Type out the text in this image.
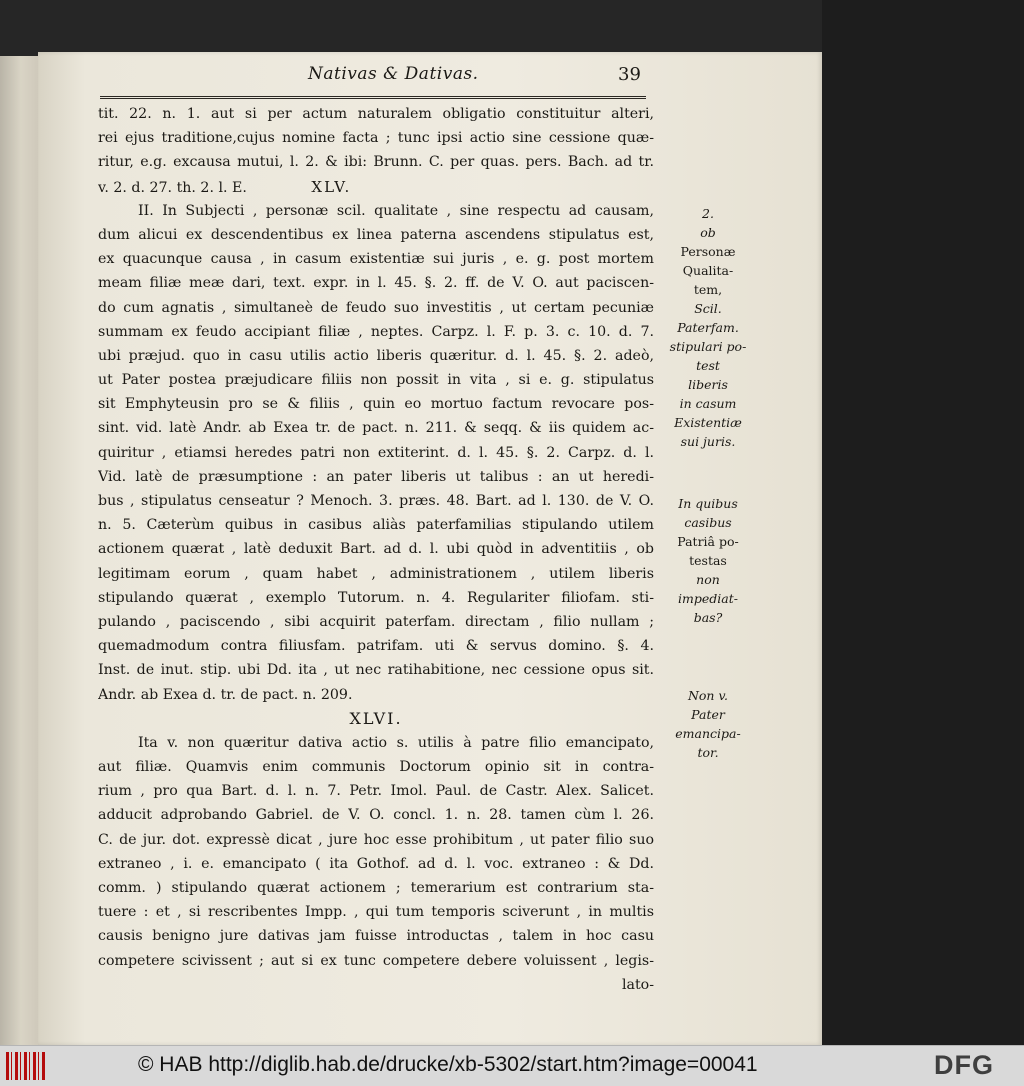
Nativas & Dativas.	39
tit. 22. n. 1. aut si per actum naturalem obligatio constituitur alteri,
rei ejus traditione,cujus nomine facta ; tunc ipsi actio sine cessione quæ-
ritur, e.g. excausa mutui, l. 2. & ibi: Brunn. C. per quas. pers. Bach. ad tr.
v. 2. d. 27. th. 2. l. E.	XLV.
II. In Subjecti , personæ scil. qualitate , sine respectu ad causam,
dum alicui ex descendentibus ex linea paterna ascendens stipulatus est,
ex quacunque causa , in casum existentiæ sui juris , e. g. post mortem
meam filiæ meæ dari, text. expr. in l. 45. §. 2. ff. de V. O. aut paciscen-
do cum agnatis , simultaneè de feudo suo investitis , ut certam pecuniæ
summam ex feudo accipiant filiæ , neptes. Carpz. l. F. p. 3. c. 10. d. 7.
ubi præjud. quo in casu utilis actio liberis quæritur. d. l. 45. §. 2. adeò,
ut Pater postea præjudicare filiis non possit in vita , si e. g. stipulatus
sit Emphyteusin pro se & filiis , quin eo mortuo factum revocare pos-
sint. vid. latè Andr. ab Exea tr. de pact. n. 211. & seqq. & iis quidem ac-
quiritur , etiamsi heredes patri non extiterint. d. l. 45. §. 2. Carpz. d. l.
Vid. latè de præsumptione : an pater liberis ut talibus : an ut heredi-
bus , stipulatus censeatur ? Menoch. 3. præs. 48. Bart. ad l. 130. de V. O.
n. 5. Cæterùm quibus in casibus aliàs paterfamilias stipulando utilem
actionem quærat , latè deduxit Bart. ad d. l. ubi quòd in adventitiis , ob
legitimam eorum , quam habet , administrationem , utilem liberis
stipulando quærat , exemplo Tutorum. n. 4. Regulariter filiofam. sti-
pulando , paciscendo , sibi acquirit paterfam. directam , filio nullam ;
quemadmodum contra filiusfam. patrifam. uti & servus domino. §. 4.
Inst. de inut. stip. ubi Dd. ita , ut nec ratihabitione, nec cessione opus sit.
Andr. ab Exea d. tr. de pact. n. 209.
XLVI.
Ita v. non quæritur dativa actio s. utilis à patre filio emancipato,
aut filiæ. Quamvis enim communis Doctorum opinio sit in contra-
rium , pro qua Bart. d. l. n. 7. Petr. Imol. Paul. de Castr. Alex. Salicet.
adducit adprobando Gabriel. de V. O. concl. 1. n. 28. tamen cùm l. 26.
C. de jur. dot. expressè dicat , jure hoc esse prohibitum , ut pater filio suo
extraneo , i. e. emancipato ( ita Gothof. ad d. l. voc. extraneo : & Dd.
comm. ) stipulando quærat actionem ; temerarium est contrarium sta-
tuere : et , si rescribentes Impp. , qui tum temporis sciverunt , in multis
causis benigno jure dativas jam fuisse introductas , talem in hoc casu
competere scivissent ; aut si ex tunc competere debere voluissent , legis-
lato-
2.
ob
Personæ
Qualita-
tem,
Scil.
Paterfam.
stipulari po-
test
liberis
in casum
Existentiæ
sui juris.
In quibus
casibus
Patriâ po-
testas
non
impediat-
bas?
Non v.
Pater
emancipa-
tor.
© HAB http://diglib.hab.de/drucke/xb-5302/start.htm?image=00041	DFG
